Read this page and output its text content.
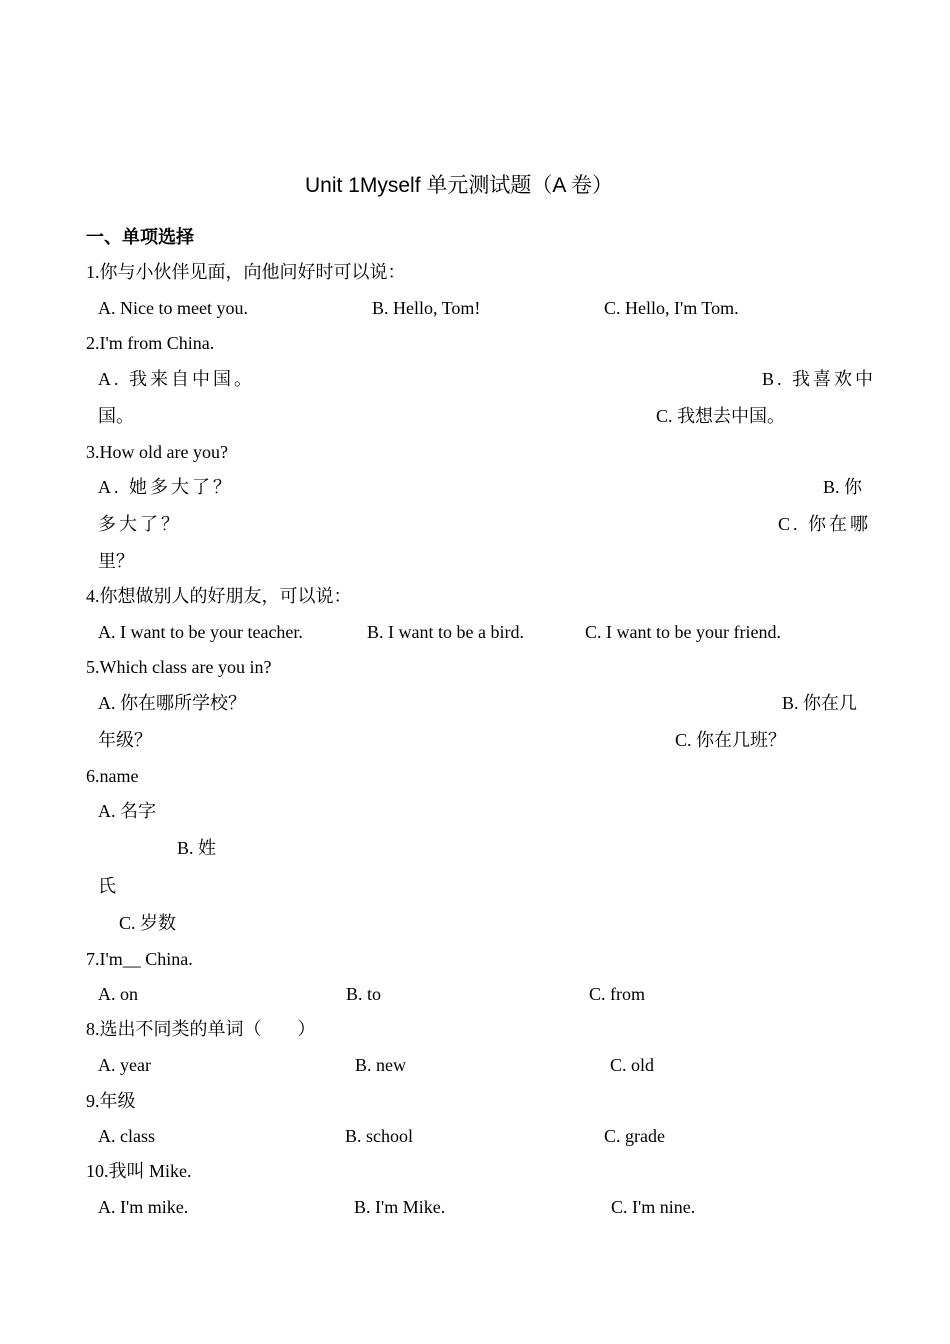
Unit 1Myself 单元测试题（A 卷）
一、单项选择
1.你与小伙伴见面，向他问好时可以说：
A. Nice to meet you.	B. Hello, Tom!	C. Hello, I'm Tom.
2.I'm from China.
A. 我来自中国。	B. 我喜欢中
国。	C. 我想去中国。
3.How old are you?
A. 她多大了？	B. 你
多大了？	C. 你在哪
里？
4.你想做别人的好朋友，可以说：
A. I want to be your teacher.	B. I want to be a bird.	C. I want to be your friend.
5.Which class are you in?
A. 你在哪所学校？	B. 你在几
年级？	C. 你在几班？
6.name
A. 名字
B. 姓
氏
C. 岁数
7.I'm__ China.
A. on	B. to	C. from
8.选出不同类的单词（　　）
A. year	B. new	C. old
9.年级
A. class	B. school	C. grade
10.我叫 Mike.
A. I'm mike.	B. I'm Mike.	C. I'm nine.
